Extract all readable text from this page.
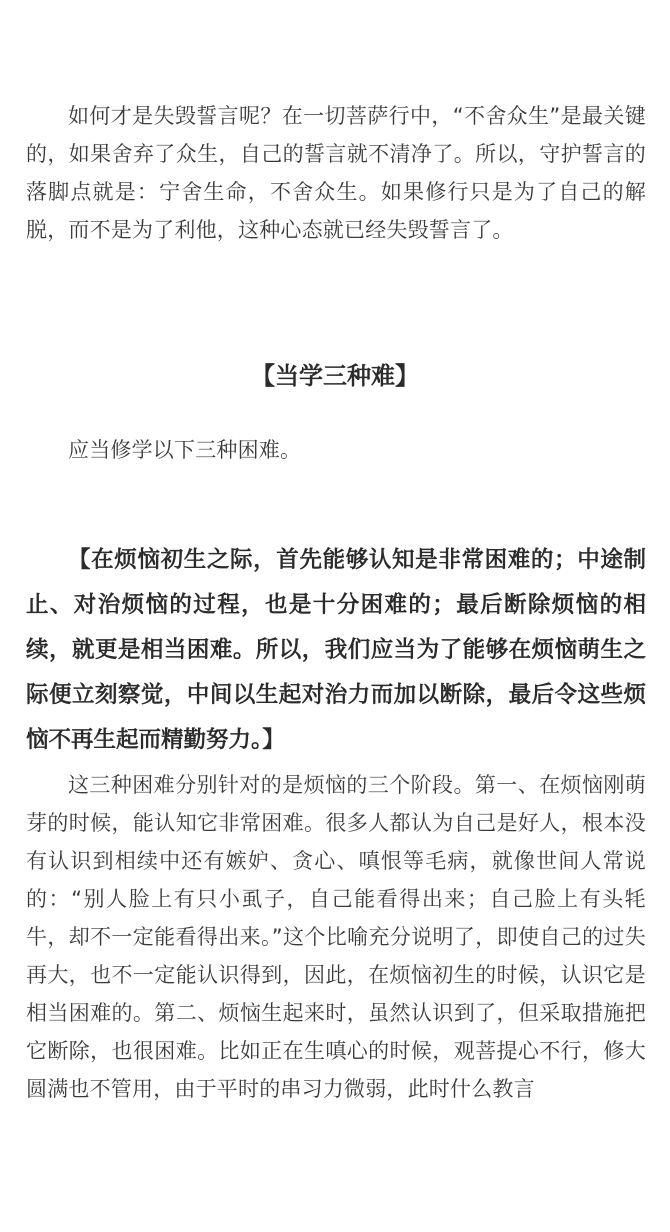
如何才是失毁誓言呢？在一切菩萨行中，“不舍众生”是最关键的，如果舍弃了众生，自己的誓言就不清净了。所以，守护誓言的落脚点就是：宁舍生命，不舍众生。如果修行只是为了自己的解脱，而不是为了利他，这种心态就已经失毁誓言了。

【当学三种难】

应当修学以下三种困难。

【在烦恼初生之际，首先能够认知是非常困难的；中途制止、对治烦恼的过程，也是十分困难的；最后断除烦恼的相续，就更是相当困难。所以，我们应当为了能够在烦恼萌生之际便立刻察觉，中间以生起对治力而加以断除，最后令这些烦恼不再生起而精勤努力。】

这三种困难分别针对的是烦恼的三个阶段。第一、在烦恼刚萌芽的时候，能认知它非常困难。很多人都认为自己是好人，根本没有认识到相续中还有嫉妒、贪心、嗔恨等毛病，就像世间人常说的：“别人脸上有只小虱子，自己能看得出来；自己脸上有头牦牛，却不一定能看得出来。”这个比喻充分说明了，即使自己的过失再大，也不一定能认识得到，因此，在烦恼初生的时候，认识它是相当困难的。第二、烦恼生起来时，虽然认识到了，但采取措施把它断除，也很困难。比如正在生嗔心的时候，观菩提心不行，修大圆满也不管用，由于平时的串习力微弱，此时什么教言
